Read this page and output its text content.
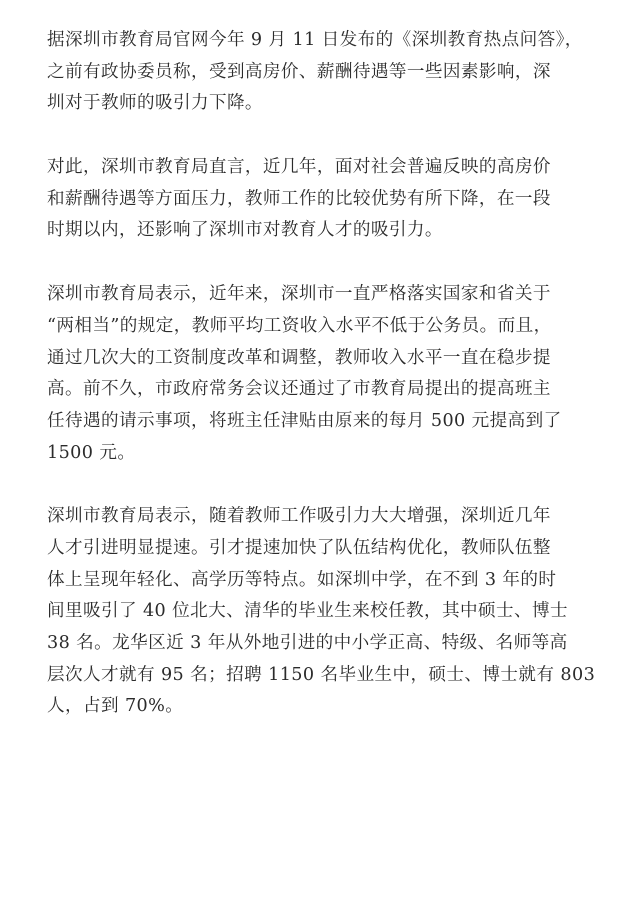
据深圳市教育局官网今年 9 月 11 日发布的《深圳教育热点问答》，
之前有政协委员称，受到高房价、薪酬待遇等一些因素影响，深
圳对于教师的吸引力下降。

对此，深圳市教育局直言，近几年，面对社会普遍反映的高房价
和薪酬待遇等方面压力，教师工作的比较优势有所下降，在一段
时期以内，还影响了深圳市对教育人才的吸引力。

深圳市教育局表示，近年来，深圳市一直严格落实国家和省关于
“两相当”的规定，教师平均工资收入水平不低于公务员。而且，
通过几次大的工资制度改革和调整，教师收入水平一直在稳步提
高。前不久，市政府常务会议还通过了市教育局提出的提高班主
任待遇的请示事项，将班主任津贴由原来的每月 500 元提高到了
1500 元。

深圳市教育局表示，随着教师工作吸引力大大增强，深圳近几年
人才引进明显提速。引才提速加快了队伍结构优化，教师队伍整
体上呈现年轻化、高学历等特点。如深圳中学，在不到 3 年的时
间里吸引了 40 位北大、清华的毕业生来校任教，其中硕士、博士
38 名。龙华区近 3 年从外地引进的中小学正高、特级、名师等高
层次人才就有 95 名；招聘 1150 名毕业生中，硕士、博士就有 803
人，占到 70%。
